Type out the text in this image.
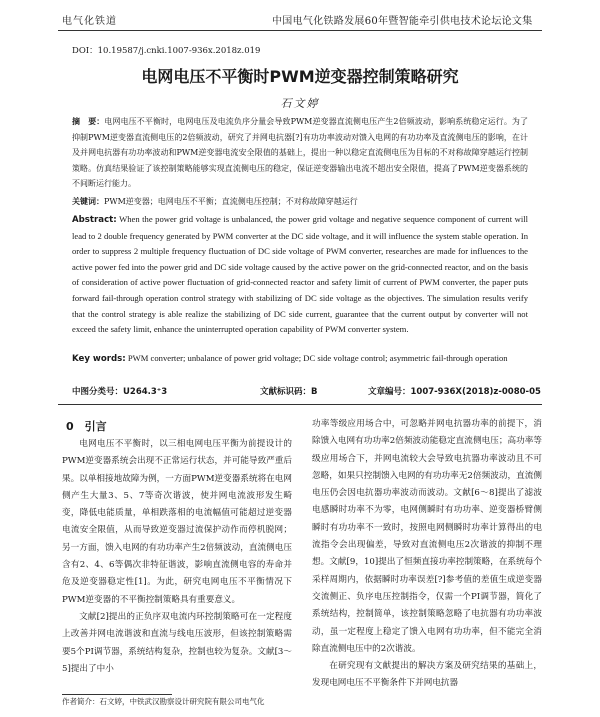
电气化铁道	中国电气化铁路发展60年暨智能牵引供电技术论坛论文集
DOI：10.19587/j.cnki.1007-936x.2018z.019
电网电压不平衡时PWM逆变器控制策略研究
石文婷
摘　要：电网电压不平衡时，电网电压及电流负序分量会导致PWM逆变器直流侧电压产生2倍频波动，影响系统稳定运行。为了抑制PWM逆变器直流侧电压的2倍频波动，研究了并网电抗器[?]有功功率波动对馈入电网的有功功率及直流侧电压的影响，在计及并网电抗器有功功率波动和PWM逆变器电流安全限值的基础上，提出一种以稳定直流侧电压为目标的不对称故障穿越运行控制策略。仿真结果验证了该控制策略能够实现直流侧电压的稳定，保证逆变器输出电流不超出安全限值，提高了PWM逆变器系统的不间断运行能力。
关键词：PWM逆变器；电网电压不平衡；直流侧电压控制；不对称故障穿越运行
Abstract: When the power grid voltage is unbalanced, the power grid voltage and negative sequence component of current will lead to 2 double frequency generated by PWM converter at the DC side voltage, and it will influence the system stable operation. In order to suppress 2 multiple frequency fluctuation of DC side voltage of PWM converter, researches are made for influences to the active power fed into the power grid and DC side voltage caused by the active power on the grid-connected reactor, and on the basis of consideration of active power fluctuation of grid-connected reactor and safety limit of current of PWM converter, the paper puts forward fail-through operation control strategy with stabilizing of DC side voltage as the objectives. The simulation results verify that the control strategy is able realize the stabilizing of DC side current, guarantee that the current output by converter will not exceed the safety limit, enhance the uninterrupted operation capability of PWM converter system.
Key words: PWM converter; unbalance of power grid voltage; DC side voltage control; asymmetric fail-through operation
中图分类号：U264.3⁺3	文献标识码：B	文章编号：1007-936X(2018)z-0080-05
0　引言

电网电压不平衡时，以三相电网电压平衡为前提设计的PWM逆变器系统会出现不正常运行状态，并可能导致严重后果。以单相接地故障为例，一方面PWM逆变器系统将在电网侧产生大量3、5、7等奇次谐波，使并网电流波形发生畸变，降低电能质量，单相跌落相的电流幅值可能超过逆变器电流安全限值，从而导致逆变器过流保护动作而停机脱网；另一方面，馈入电网的有功功率产生2倍频波动，直流侧电压含有2、4、6等偶次非特征谐波，影响直流侧电容的寿命并危及逆变器稳定性[1]。为此，研究电网电压不平衡情况下PWM逆变器的不平衡控制策略具有重要意义。

文献[2]提出的正负序双电流内环控制策略可在一定程度上改善并网电流谐波和直流与线电压波形，但该控制策略需要5个PI调节器，系统结构复杂，控制也较为复杂。文献[3～5]提出了中小

功率等级应用场合中，可忽略并网电抗器功率的前提下，消除馈入电网有功功率2倍频波动能稳定直流侧电压；高功率等级应用场合下，并网电流较大会导致电抗器功率波动且不可忽略，如果只控制馈入电网的有功功率无2倍频波动，直流侧电压仍会因电抗器功率波动而波动。文献[6～8]提出了滤波电感瞬时功率不为零，电网侧瞬时有功功率、逆变器桥臂侧瞬时有功功率不一致时，按照电网侧瞬时功率计算得出的电流指令会出现偏差，导致对直流侧电压2次谐波的抑制不理想。文献[9，10]提出了恒频直接功率控制策略，在系统每个采样周期内，依据瞬时功率误差[?]参考值的差值生成逆变器交流侧正、负序电压控制指令，仅需一个PI调节器，简化了系统结构，控制简单，该控制策略忽略了电抗器有功功率波动，虽一定程度上稳定了馈入电网有功功率，但不能完全消除直流侧电压中的2次谐波。

在研究现有文献提出的解决方案及研究结果的基础上，发现电网电压不平衡条件下并网电抗器

作者简介：石文婷，中铁武汉勘察设计研究院有限公司电气化
